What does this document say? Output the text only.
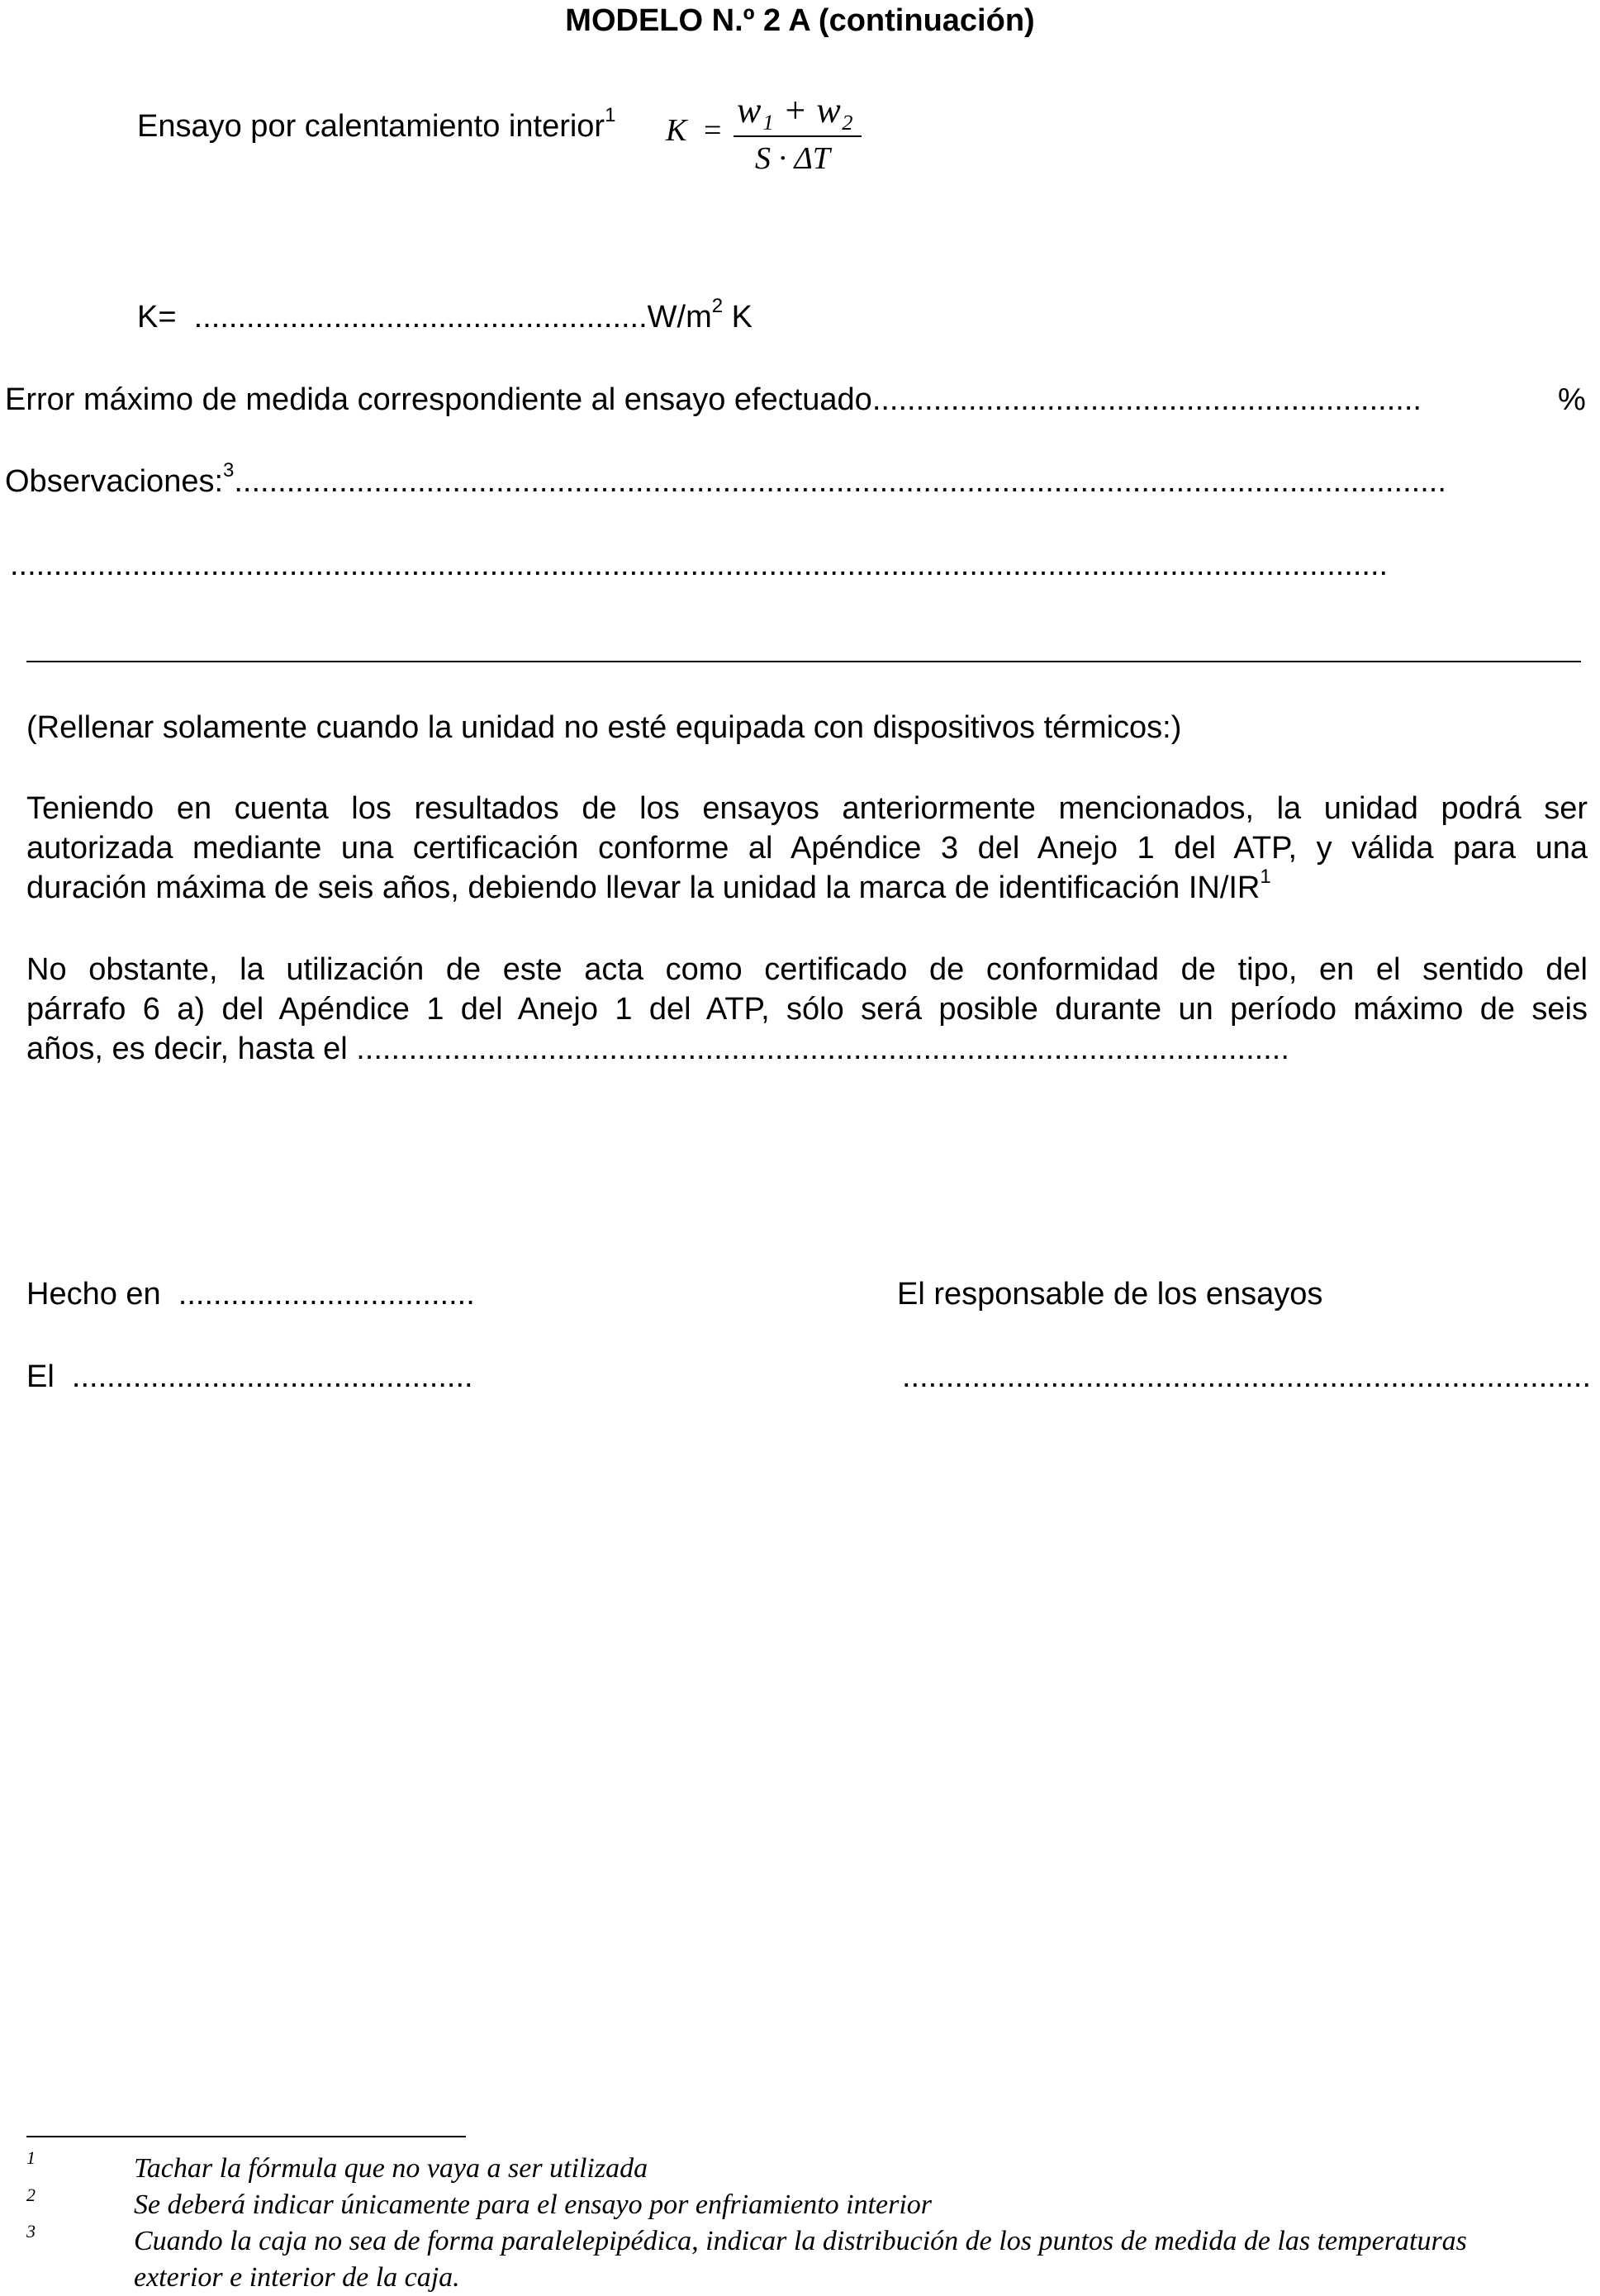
MODELO N.º 2 A (continuación)
Ensayo por calentamiento interior$^1$ K = w₁ + w₂
S · ΔT
$K= ....................................................W/m^2$ K
Error máximo de medida correspondiente al ensayo efectuado...............................................................	%
Observaciones:$^3$...........................................................................................................................................
..............................................................................................................................................................
(Rellenar solamente cuando la unidad no esté equipada con dispositivos térmicos:)
Teniendo en cuenta los resultados de los ensayos anteriormente mencionados, la unidad podrá ser
autorizada mediante una certificación conforme al Apéndice 3 del Anejo 1 del ATP, y válida para una
duración máxima de seis años, debiendo llevar la unidad la marca de identificación $IN/IR^1$
No obstante, la utilización de este acta como certificado de conformidad de tipo, en el sentido del
párrafo 6 a) del Apéndice 1 del Anejo 1 del ATP, sólo será posible durante un período máximo de seis
años, es decir, hasta el ...........................................................................................................
Hecho en ..................................	El responsable de los ensayos
El ..............................................	...............................................................................
1	Tachar la fórmula que no vaya a ser utilizada
2	Se deberá indicar únicamente para el ensayo por enfriamiento interior
3	Cuando la caja no sea de forma paralelepipédica, indicar la distribución de los puntos de medida de las temperaturas
exterior e interior de la caja.
